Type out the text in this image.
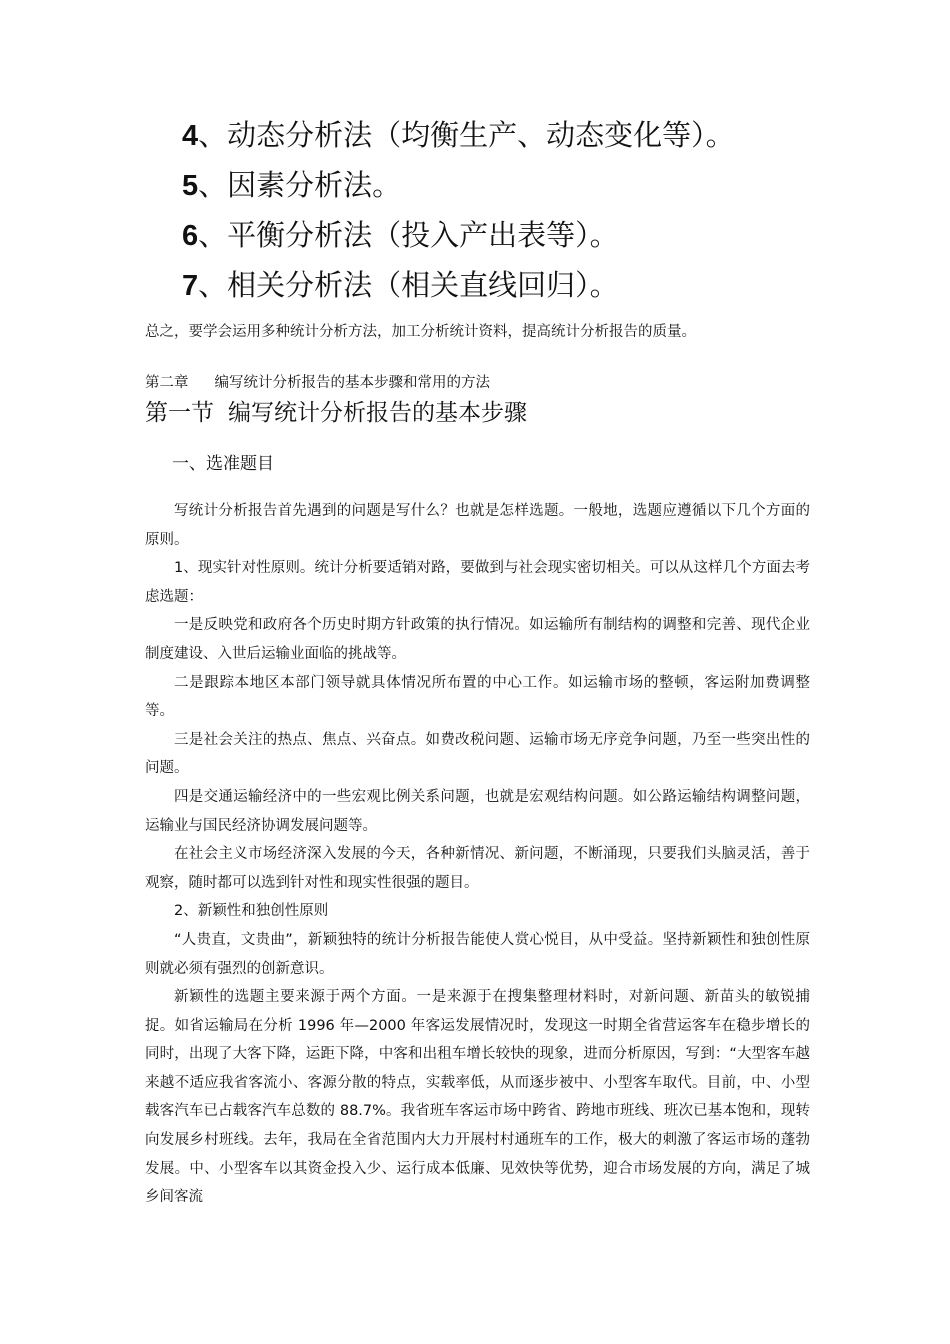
4、动态分析法（均衡生产、动态变化等）。
5、因素分析法。
6、平衡分析法（投入产出表等）。
7、相关分析法（相关直线回归）。
总之，要学会运用多种统计分析方法，加工分析统计资料，提高统计分析报告的质量。
第二章 编写统计分析报告的基本步骤和常用的方法
第一节 编写统计分析报告的基本步骤
一、选准题目

写统计分析报告首先遇到的问题是写什么？也就是怎样选题。一般地，选题应遵循以下几个方面的原则。

1、现实针对性原则。统计分析要适销对路，要做到与社会现实密切相关。可以从这样几个方面去考虑选题：

一是反映党和政府各个历史时期方针政策的执行情况。如运输所有制结构的调整和完善、现代企业制度建设、入世后运输业面临的挑战等。

二是跟踪本地区本部门领导就具体情况所布置的中心工作。如运输市场的整顿，客运附加费调整等。

三是社会关注的热点、焦点、兴奋点。如费改税问题、运输市场无序竞争问题，乃至一些突出性的问题。

四是交通运输经济中的一些宏观比例关系问题，也就是宏观结构问题。如公路运输结构调整问题，运输业与国民经济协调发展问题等。

在社会主义市场经济深入发展的今天，各种新情况、新问题，不断涌现，只要我们头脑灵活，善于观察，随时都可以选到针对性和现实性很强的题目。

2、新颖性和独创性原则

“人贵直，文贵曲”，新颖独特的统计分析报告能使人赏心悦目，从中受益。坚持新颖性和独创性原则就必须有强烈的创新意识。

新颖性的选题主要来源于两个方面。一是来源于在搜集整理材料时，对新问题、新苗头的敏锐捕捉。如省运输局在分析 1996 年—2000 年客运发展情况时，发现这一时期全省营运客车在稳步增长的同时，出现了大客下降，运距下降，中客和出租车增长较快的现象，进而分析原因，写到：“大型客车越来越不适应我省客流小、客源分散的特点，实载率低，从而逐步被中、小型客车取代。目前，中、小型载客汽车已占载客汽车总数的 88.7%。我省班车客运市场中跨省、跨地市班线、班次已基本饱和，现转向发展乡村班线。去年，我局在全省范围内大力开展村村通班车的工作，极大的刺激了客运市场的蓬勃发展。中、小型客车以其资金投入少、运行成本低廉、见效快等优势，迎合市场发展的方向，满足了城乡间客流
